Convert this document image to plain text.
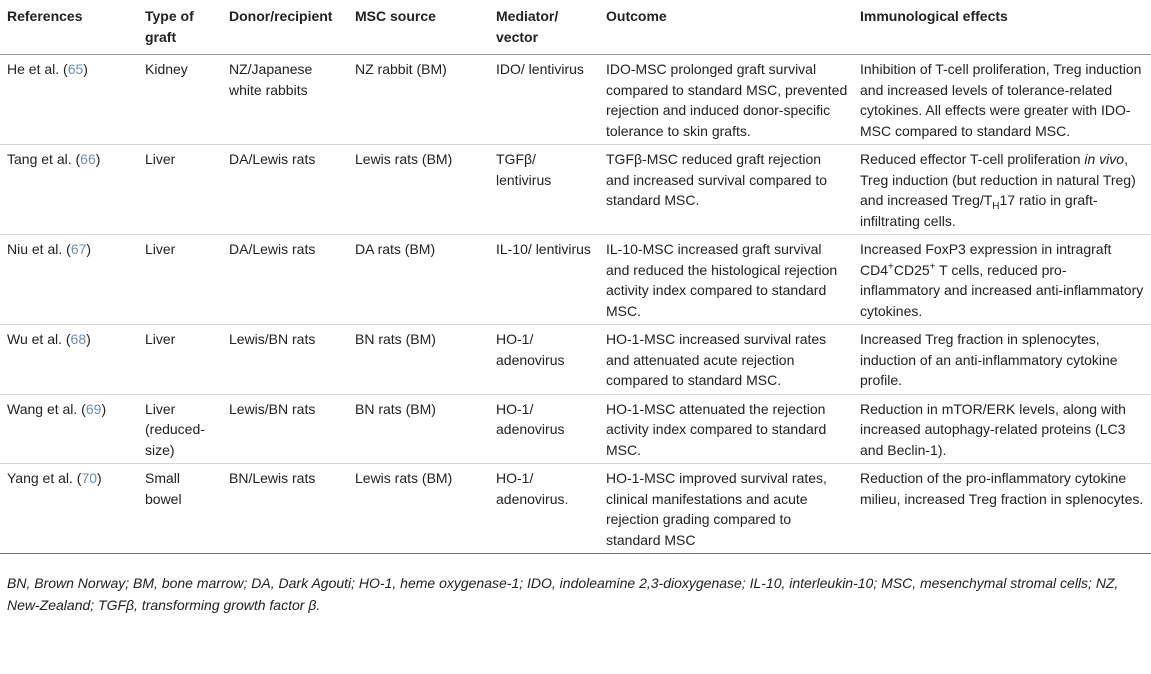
References	Type of graft	Donor/recipient	MSC source	Mediator/ vector	Outcome	Immunological effects
He et al. (65)	Kidney	NZ/Japanese white rabbits	NZ rabbit (BM)	IDO/ lentivirus	IDO-MSC prolonged graft survival compared to standard MSC, prevented rejection and induced donor-specific tolerance to skin grafts.	Inhibition of T-cell proliferation, Treg induction and increased levels of tolerance-related cytokines. All effects were greater with IDO-MSC compared to standard MSC.
Tang et al. (66)	Liver	DA/Lewis rats	Lewis rats (BM)	TGFβ/ lentivirus	TGFβ-MSC reduced graft rejection and increased survival compared to standard MSC.	Reduced effector T-cell proliferation in vivo, Treg induction (but reduction in natural Treg) and increased Treg/$T_H17$ ratio in graft-infiltrating cells.
Niu et al. (67)	Liver	DA/Lewis rats	DA rats (BM)	IL-10/ lentivirus	IL-10-MSC increased graft survival and reduced the histological rejection activity index compared to standard MSC.	Increased FoxP3 expression in intragraft CD4+CD25+ T cells, reduced pro-inflammatory and increased anti-inflammatory cytokines.
Wu et al. (68)	Liver	Lewis/BN rats	BN rats (BM)	HO-1/ adenovirus	HO-1-MSC increased survival rates and attenuated acute rejection compared to standard MSC.	Increased Treg fraction in splenocytes, induction of an anti-inflammatory cytokine profile.
Wang et al. (69)	Liver (reduced-size)	Lewis/BN rats	BN rats (BM)	HO-1/ adenovirus	HO-1-MSC attenuated the rejection activity index compared to standard MSC.	Reduction in mTOR/ERK levels, along with increased autophagy-related proteins (LC3 and Beclin-1).
Yang et al. (70)	Small bowel	BN/Lewis rats	Lewis rats (BM)	HO-1/ adenovirus.	HO-1-MSC improved survival rates, clinical manifestations and acute rejection grading compared to standard MSC	Reduction of the pro-inflammatory cytokine milieu, increased Treg fraction in splenocytes.
BN, Brown Norway; BM, bone marrow; DA, Dark Agouti; HO-1, heme oxygenase-1; IDO, indoleamine 2,3-dioxygenase; IL-10, interleukin-10; MSC, mesenchymal stromal cells; NZ, New-Zealand; TGFβ, transforming growth factor β.
